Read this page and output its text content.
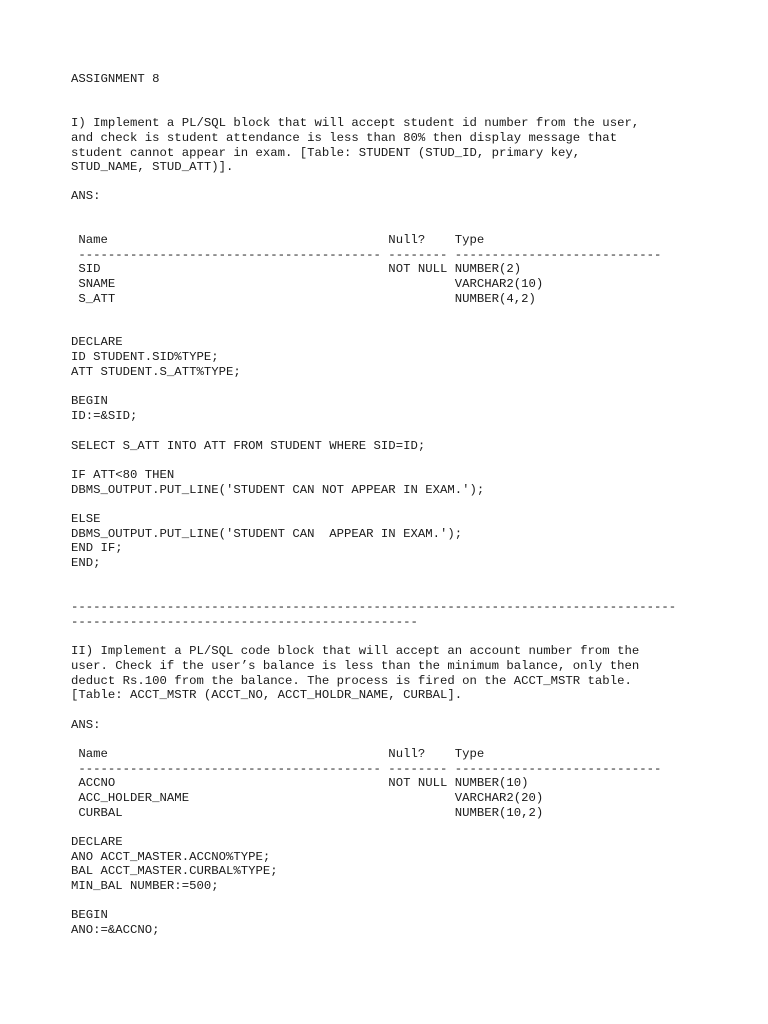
ASSIGNMENT 8
I) Implement a PL/SQL block that will accept student id number from the user,
and check is student attendance is less than 80% then display message that
student cannot appear in exam. [Table: STUDENT (STUD_ID, primary key,
STUD_NAME, STUD_ATT)].
ANS:
Name                                      Null?    Type
----------------------------------------- -------- ----------------------------
SID                                       NOT NULL NUMBER(2)
SNAME                                              VARCHAR2(10)
S_ATT                                              NUMBER(4,2)
DECLARE
ID STUDENT.SID%TYPE;
ATT STUDENT.S_ATT%TYPE;
BEGIN
ID:=&SID;
SELECT S_ATT INTO ATT FROM STUDENT WHERE SID=ID;
IF ATT<80 THEN
DBMS_OUTPUT.PUT_LINE('STUDENT CAN NOT APPEAR IN EXAM.');
ELSE
DBMS_OUTPUT.PUT_LINE('STUDENT CAN  APPEAR IN EXAM.');
END IF;
END;
----------------------------------------------------------------------------------
-----------------------------------------------
II) Implement a PL/SQL code block that will accept an account number from the
user. Check if the user’s balance is less than the minimum balance, only then
deduct Rs.100 from the balance. The process is fired on the ACCT_MSTR table.
[Table: ACCT_MSTR (ACCT_NO, ACCT_HOLDR_NAME, CURBAL].
ANS:
Name                                      Null?    Type
----------------------------------------- -------- ----------------------------
ACCNO                                     NOT NULL NUMBER(10)
ACC_HOLDER_NAME                                    VARCHAR2(20)
CURBAL                                             NUMBER(10,2)
DECLARE
ANO ACCT_MASTER.ACCNO%TYPE;
BAL ACCT_MASTER.CURBAL%TYPE;
MIN_BAL NUMBER:=500;
BEGIN
ANO:=&ACCNO;
